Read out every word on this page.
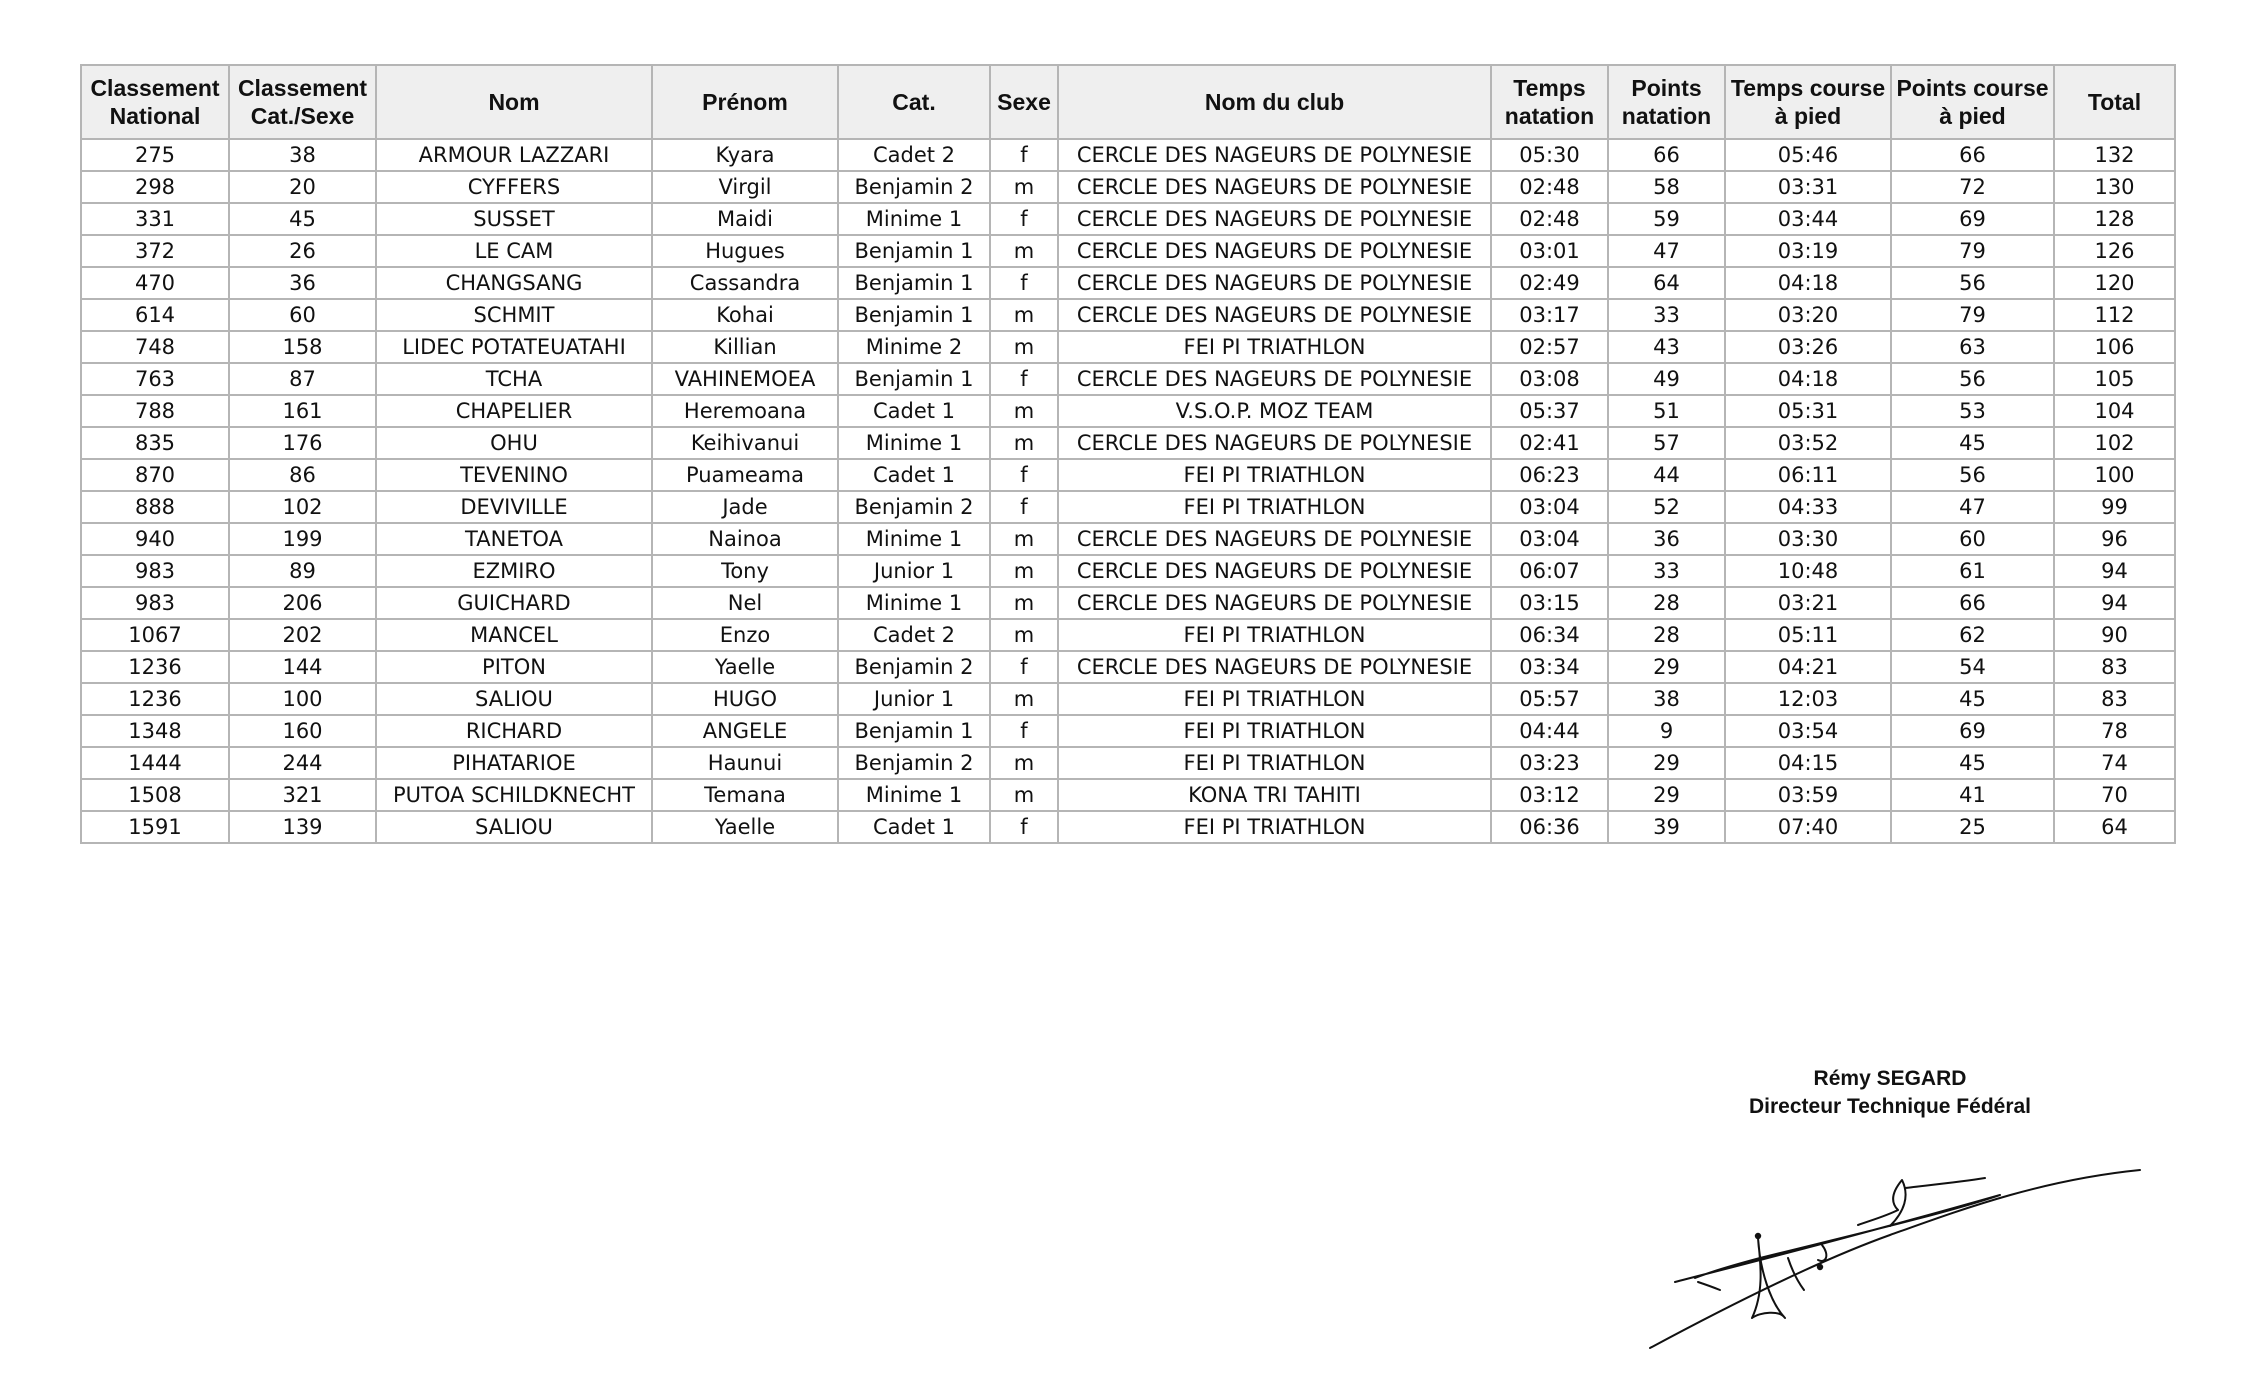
Classement National	Classement Cat./Sexe	Nom	Prénom	Cat.	Sexe	Nom du club	Temps natation	Points natation	Temps course à pied	Points course à pied	Total
275	38	ARMOUR LAZZARI	Kyara	Cadet 2	f	CERCLE DES NAGEURS DE POLYNESIE	05:30	66	05:46	66	132
298	20	CYFFERS	Virgil	Benjamin 2	m	CERCLE DES NAGEURS DE POLYNESIE	02:48	58	03:31	72	130
331	45	SUSSET	Maidi	Minime 1	f	CERCLE DES NAGEURS DE POLYNESIE	02:48	59	03:44	69	128
372	26	LE CAM	Hugues	Benjamin 1	m	CERCLE DES NAGEURS DE POLYNESIE	03:01	47	03:19	79	126
470	36	CHANGSANG	Cassandra	Benjamin 1	f	CERCLE DES NAGEURS DE POLYNESIE	02:49	64	04:18	56	120
614	60	SCHMIT	Kohai	Benjamin 1	m	CERCLE DES NAGEURS DE POLYNESIE	03:17	33	03:20	79	112
748	158	LIDEC POTATEUATAHI	Killian	Minime 2	m	FEI PI TRIATHLON	02:57	43	03:26	63	106
763	87	TCHA	VAHINEMOEA	Benjamin 1	f	CERCLE DES NAGEURS DE POLYNESIE	03:08	49	04:18	56	105
788	161	CHAPELIER	Heremoana	Cadet 1	m	V.S.O.P. MOZ TEAM	05:37	51	05:31	53	104
835	176	OHU	Keihivanui	Minime 1	m	CERCLE DES NAGEURS DE POLYNESIE	02:41	57	03:52	45	102
870	86	TEVENINO	Puameama	Cadet 1	f	FEI PI TRIATHLON	06:23	44	06:11	56	100
888	102	DEVIVILLE	Jade	Benjamin 2	f	FEI PI TRIATHLON	03:04	52	04:33	47	99
940	199	TANETOA	Nainoa	Minime 1	m	CERCLE DES NAGEURS DE POLYNESIE	03:04	36	03:30	60	96
983	89	EZMIRO	Tony	Junior 1	m	CERCLE DES NAGEURS DE POLYNESIE	06:07	33	10:48	61	94
983	206	GUICHARD	Nel	Minime 1	m	CERCLE DES NAGEURS DE POLYNESIE	03:15	28	03:21	66	94
1067	202	MANCEL	Enzo	Cadet 2	m	FEI PI TRIATHLON	06:34	28	05:11	62	90
1236	144	PITON	Yaelle	Benjamin 2	f	CERCLE DES NAGEURS DE POLYNESIE	03:34	29	04:21	54	83
1236	100	SALIOU	HUGO	Junior 1	m	FEI PI TRIATHLON	05:57	38	12:03	45	83
1348	160	RICHARD	ANGELE	Benjamin 1	f	FEI PI TRIATHLON	04:44	9	03:54	69	78
1444	244	PIHATARIOE	Haunui	Benjamin 2	m	FEI PI TRIATHLON	03:23	29	04:15	45	74
1508	321	PUTOA SCHILDKNECHT	Temana	Minime 1	m	KONA TRI TAHITI	03:12	29	03:59	41	70
1591	139	SALIOU	Yaelle	Cadet 1	f	FEI PI TRIATHLON	06:36	39	07:40	25	64
Rémy SEGARD
Directeur Technique Fédéral
